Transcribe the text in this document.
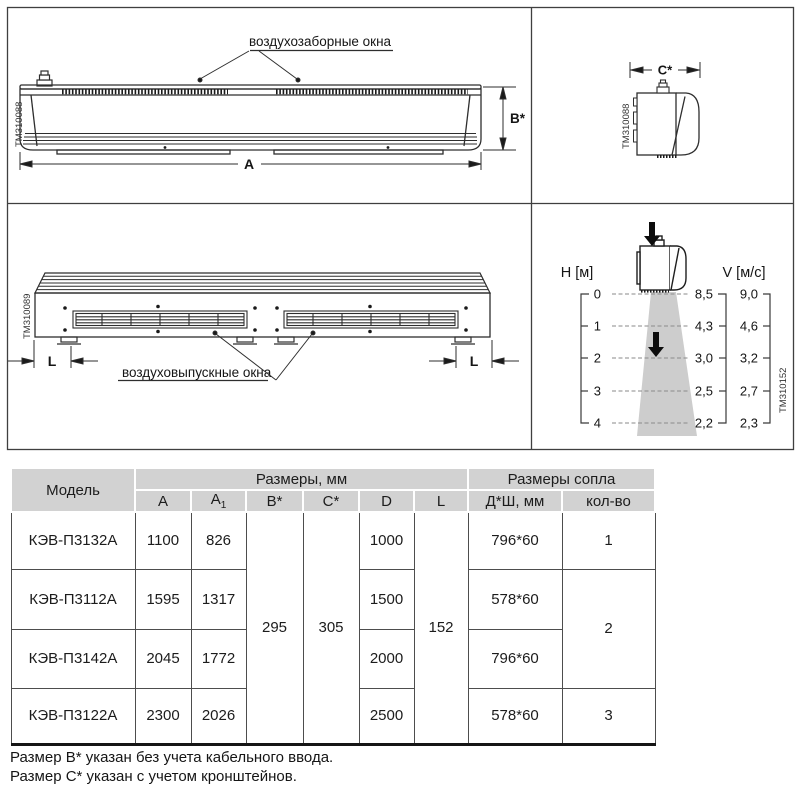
воздухозаборные окна
B*
A
TM310088
C*
TM310088
L	L
воздуховыпускные окна
TM310089
H [м]	V [м/с]
0
1
2
3
4
8,5
4,3
3,0
2,5
2,2
9,0
4,6
3,2
2,7
2,3
TM310152
Модель	Размеры, мм						Размеры сопла	
	A	$A_1$	B*	C*	D	L	Д*Ш, мм	кол-во
КЭВ-П3132А	1100	826	295	305	1000	152	796*60	1
КЭВ-П3112А	1595	1317			1500		578*60	2
КЭВ-П3142А	2045	1772			2000		796*60	
КЭВ-П3122А	2300	2026			2500		578*60	3
Размер B* указан без учета кабельного ввода.
Размер C* указан с учетом кронштейнов.
